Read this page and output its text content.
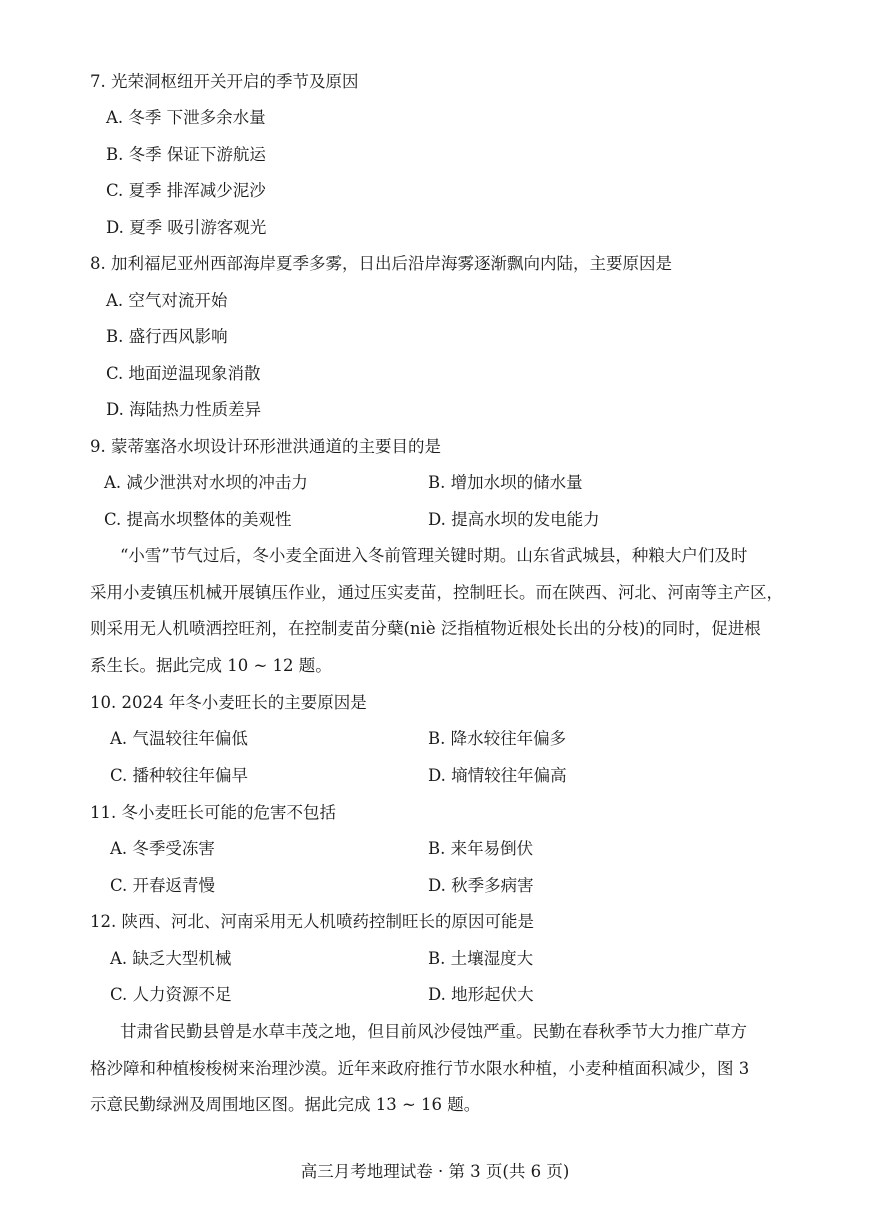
7. 光荣洞枢纽开关开启的季节及原因
A. 冬季 下泄多余水量
B. 冬季 保证下游航运
C. 夏季 排浑减少泥沙
D. 夏季 吸引游客观光
8. 加利福尼亚州西部海岸夏季多雾，日出后沿岸海雾逐渐飘向内陆，主要原因是
A. 空气对流开始
B. 盛行西风影响
C. 地面逆温现象消散
D. 海陆热力性质差异
9. 蒙蒂塞洛水坝设计环形泄洪通道的主要目的是
A. 减少泄洪对水坝的冲击力	B. 增加水坝的储水量
C. 提高水坝整体的美观性	D. 提高水坝的发电能力
“小雪”节气过后，冬小麦全面进入冬前管理关键时期。山东省武城县，种粮大户们及时
采用小麦镇压机械开展镇压作业，通过压实麦苗，控制旺长。而在陕西、河北、河南等主产区，
则采用无人机喷洒控旺剂，在控制麦苗分蘖(niè 泛指植物近根处长出的分枝)的同时，促进根
系生长。据此完成 10 ~ 12 题。
10. 2024 年冬小麦旺长的主要原因是
A. 气温较往年偏低	B. 降水较往年偏多
C. 播种较往年偏早	D. 墒情较往年偏高
11. 冬小麦旺长可能的危害不包括
A. 冬季受冻害	B. 来年易倒伏
C. 开春返青慢	D. 秋季多病害
12. 陕西、河北、河南采用无人机喷药控制旺长的原因可能是
A. 缺乏大型机械	B. 土壤湿度大
C. 人力资源不足	D. 地形起伏大
甘肃省民勤县曾是水草丰茂之地，但目前风沙侵蚀严重。民勤在春秋季节大力推广草方
格沙障和种植梭梭树来治理沙漠。近年来政府推行节水限水种植，小麦种植面积减少，图 3
示意民勤绿洲及周围地区图。据此完成 13 ~ 16 题。
高三月考地理试卷 · 第 3 页(共 6 页)
